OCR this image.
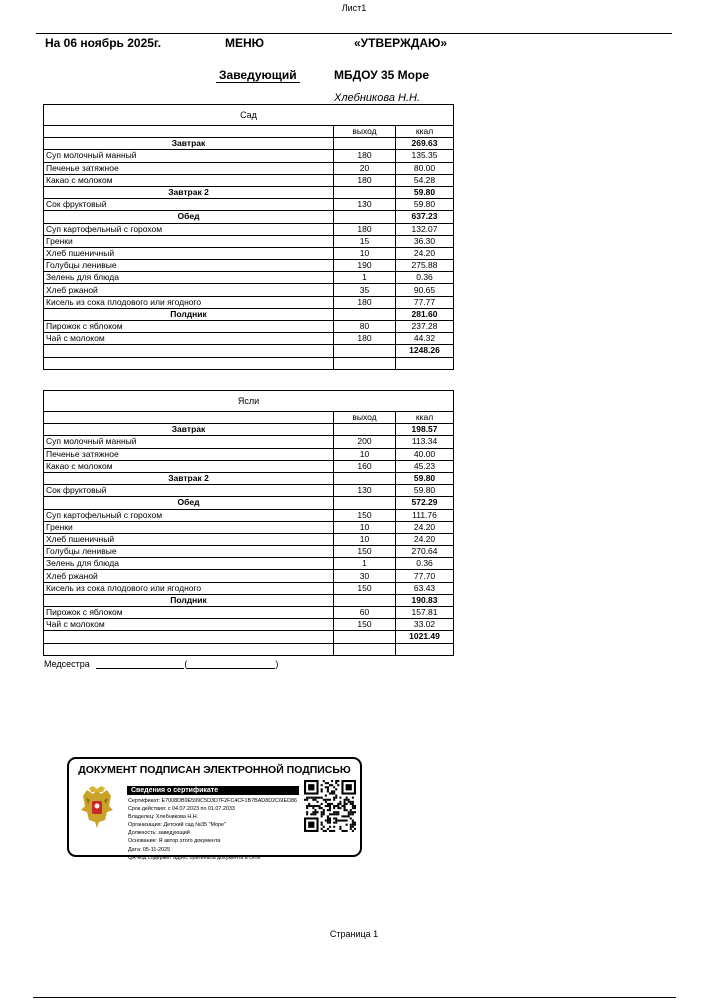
Лист1
На 06 ноябрь 2025г.	МЕНЮ	«УТВЕРЖДАЮ»
Заведующий	МБДОУ 35 Море
Хлебникова Н.Н.
Сад		
	выход	ккал
Завтрак		269.63
Суп молочный манный	180	135.35
Печенье затяжное	20	80.00
Какао с молоком	180	54.28
Завтрак 2		59.80
Сок фруктовый	130	59.80
Обед		637.23
Суп картофельный с горохом	180	132.07
Гренки	15	36.30
Хлеб пшеничный	10	24.20
Голубцы ленивые	190	275.88
Зелень для блюда	1	0.36
Хлеб ржаной	35	90.65
Кисель из сока плодового или ягодного	180	77.77
Полдник		281.60
Пирожок с яблоком	80	237.28
Чай с молоком	180	44.32
		1248.26

Ясли		
	выход	ккал
Завтрак		198.57
Суп молочный манный	200	113.34
Печенье затяжное	10	40.00
Какао с молоком	160	45.23
Завтрак 2		59.80
Сок фруктовый	130	59.80
Обед		572.29
Суп картофельный с горохом	150	111.76
Гренки	10	24.20
Хлеб пшеничный	10	24.20
Голубцы ленивые	150	270.64
Зелень для блюда	1	0.36
Хлеб ржаной	30	77.70
Кисель из сока плодового или ягодного	150	63.43
Полдник		190.83
Пирожок с яблоком	60	157.81
Чай с молоком	150	33.02
		1021.49

Медсестра	(	)
ДОКУМЕНТ ПОДПИСАН ЭЛЕКТРОННОЙ ПОДПИСЬЮ
Сведения о сертификате
Сертификат: E7008DB9E599C5D3D7F2FC4CF1B7BAD8D2C6IED86
Срок действия: с 04.07.2023 по 01.07.2033
Владелец: Хлебникова Н.Н.
Организация: Детский сад №35 "Море"
Должность: заведующий
Основание: Я автор этого документа
Дата: 05-11-2025
QR-код содержит адрес оригинала документа в сети
Страница 1
